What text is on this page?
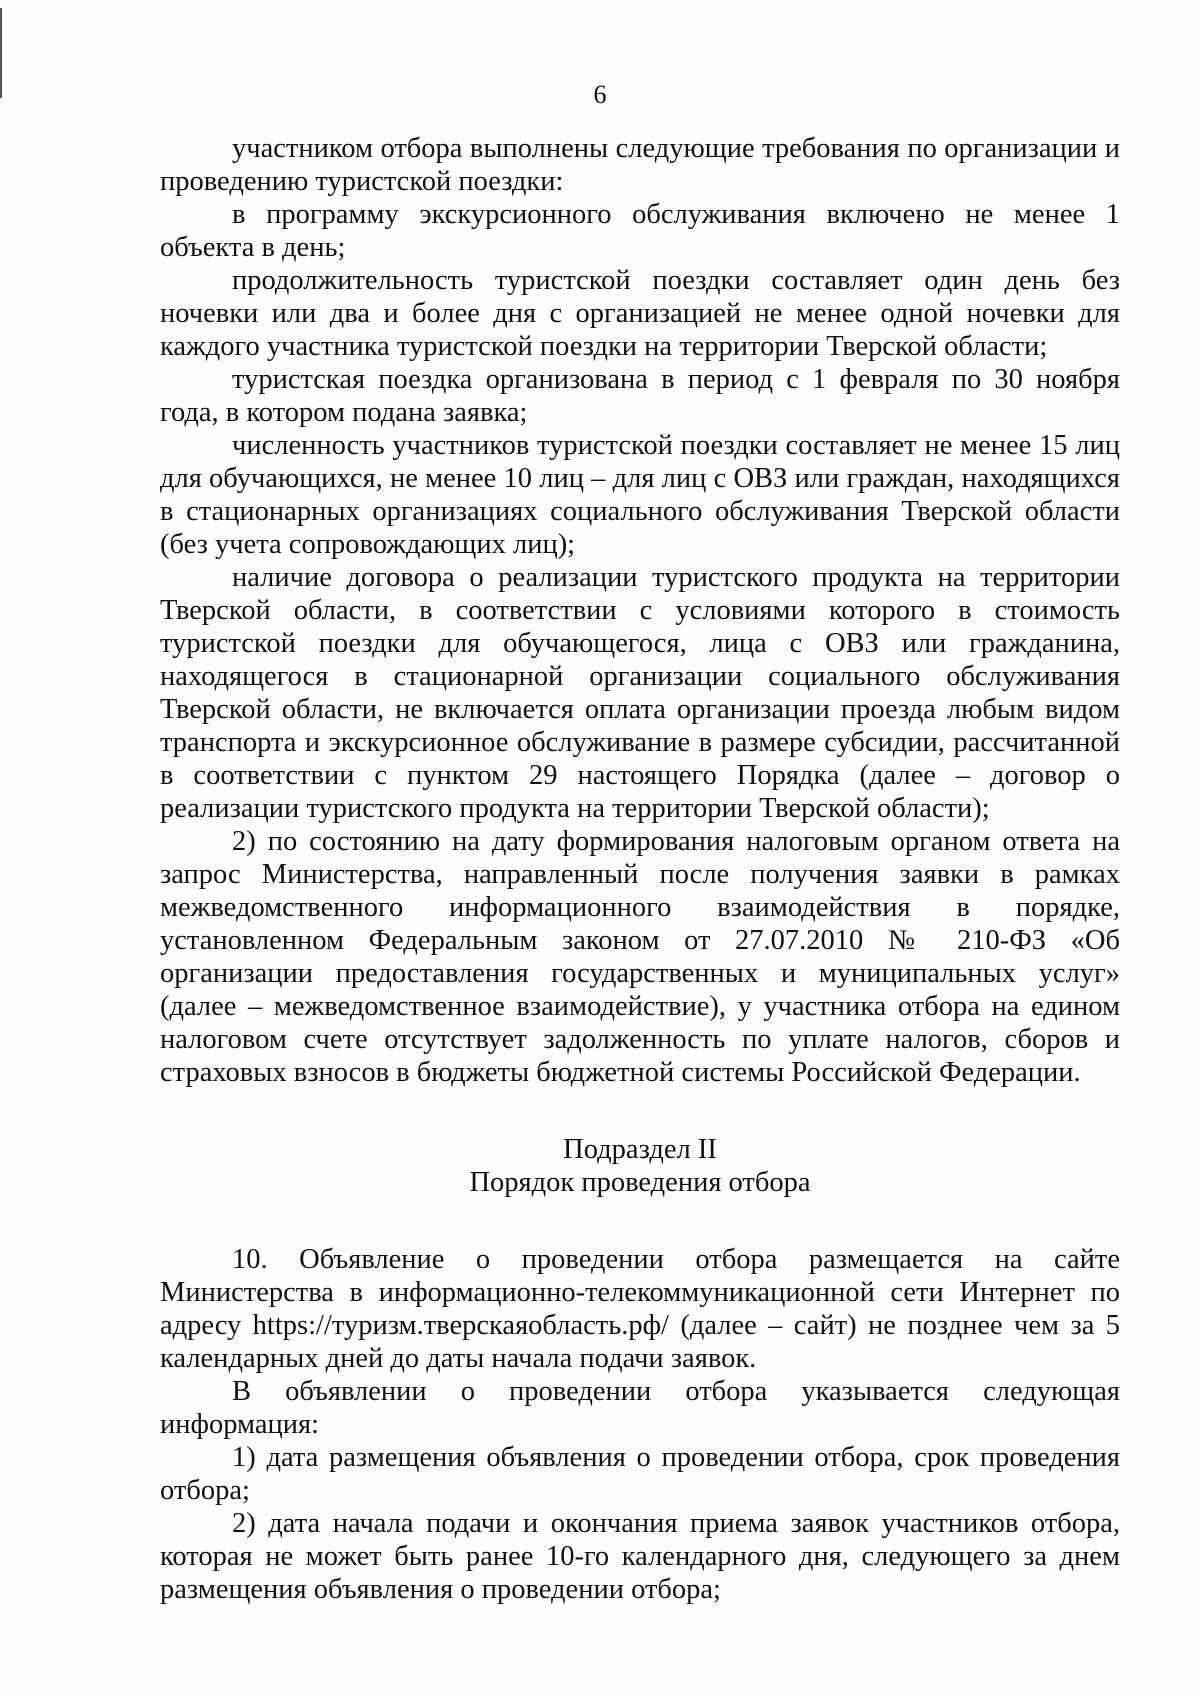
6

участником отбора выполнены следующие требования по организации и проведению туристской поездки:

в программу экскурсионного обслуживания включено не менее 1 объекта в день;

продолжительность туристской поездки составляет один день без ночевки или два и более дня с организацией не менее одной ночевки для каждого участника туристской поездки на территории Тверской области;

туристская поездка организована в период с 1 февраля по 30 ноября года, в котором подана заявка;

численность участников туристской поездки составляет не менее 15 лиц для обучающихся, не менее 10 лиц – для лиц с ОВЗ или граждан, находящихся в стационарных организациях социального обслуживания Тверской области (без учета сопровождающих лиц);

наличие договора о реализации туристского продукта на территории Тверской области, в соответствии с условиями которого в стоимость туристской поездки для обучающегося, лица с ОВЗ или гражданина, находящегося в стационарной организации социального обслуживания Тверской области, не включается оплата организации проезда любым видом транспорта и экскурсионное обслуживание в размере субсидии, рассчитанной в соответствии с пунктом 29 настоящего Порядка (далее – договор о реализации туристского продукта на территории Тверской области);

2) по состоянию на дату формирования налоговым органом ответа на запрос Министерства, направленный после получения заявки в рамках межведомственного информационного взаимодействия в порядке, установленном Федеральным законом от 27.07.2010 № 210-ФЗ «Об организации предоставления государственных и муниципальных услуг» (далее – межведомственное взаимодействие), у участника отбора на едином налоговом счете отсутствует задолженность по уплате налогов, сборов и страховых взносов в бюджеты бюджетной системы Российской Федерации.

Подраздел II
Порядок проведения отбора

10. Объявление о проведении отбора размещается на сайте Министерства в информационно-телекоммуникационной сети Интернет по адресу https://туризм.тверскаяобласть.рф/ (далее – сайт) не позднее чем за 5 календарных дней до даты начала подачи заявок.

В объявлении о проведении отбора указывается следующая информация:

1) дата размещения объявления о проведении отбора, срок проведения отбора;

2) дата начала подачи и окончания приема заявок участников отбора, которая не может быть ранее 10-го календарного дня, следующего за днем размещения объявления о проведении отбора;
